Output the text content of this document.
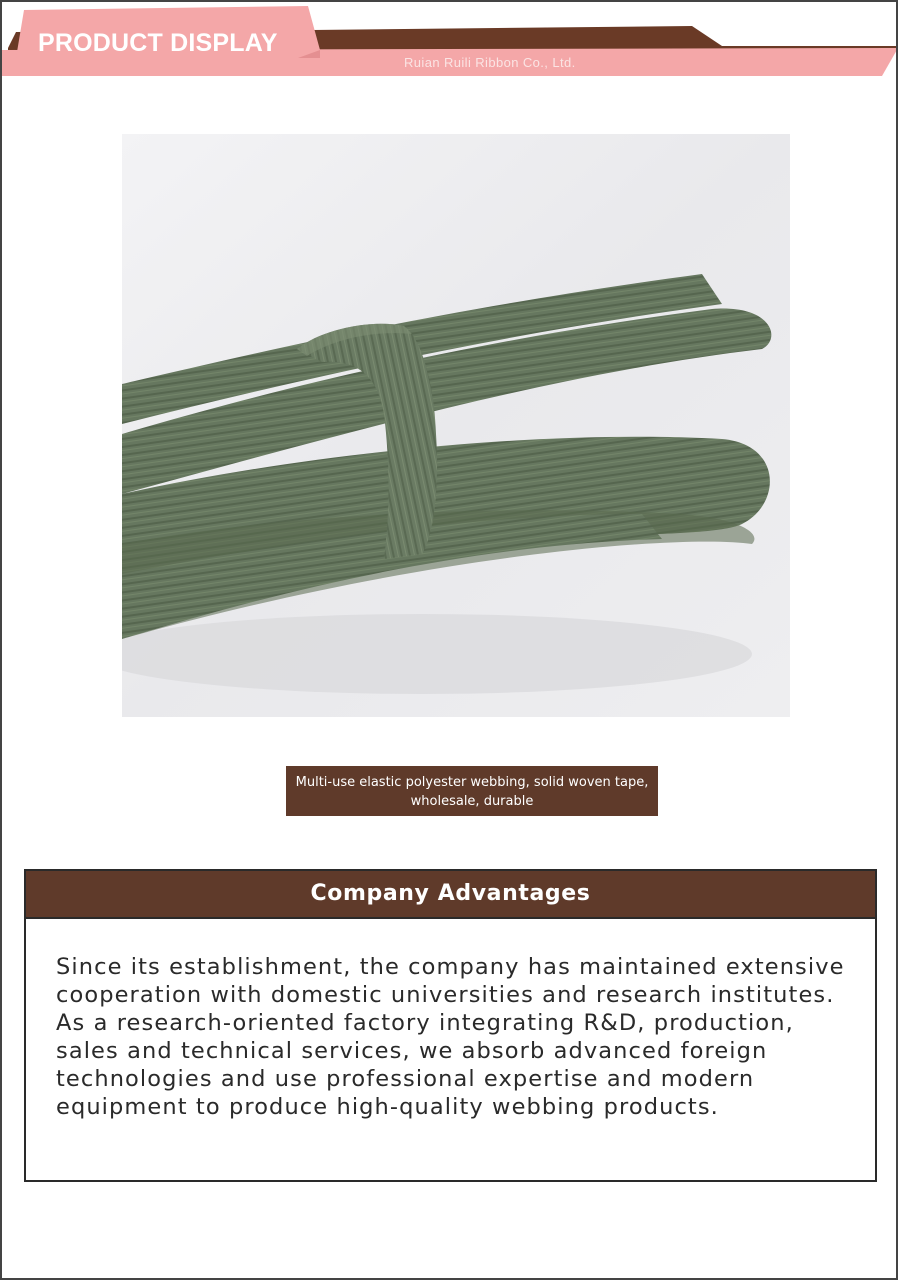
PRODUCT DISPLAY
Ruian Ruili Ribbon Co., Ltd.
Multi-use elastic polyester webbing, solid woven tape, wholesale, durable
Company Advantages
Since its establishment, the company has maintained extensive cooperation with domestic universities and research institutes. As a research-oriented factory integrating R&D, production, sales and technical services, we absorb advanced foreign technologies and use professional expertise and modern equipment to produce high-quality webbing products.
